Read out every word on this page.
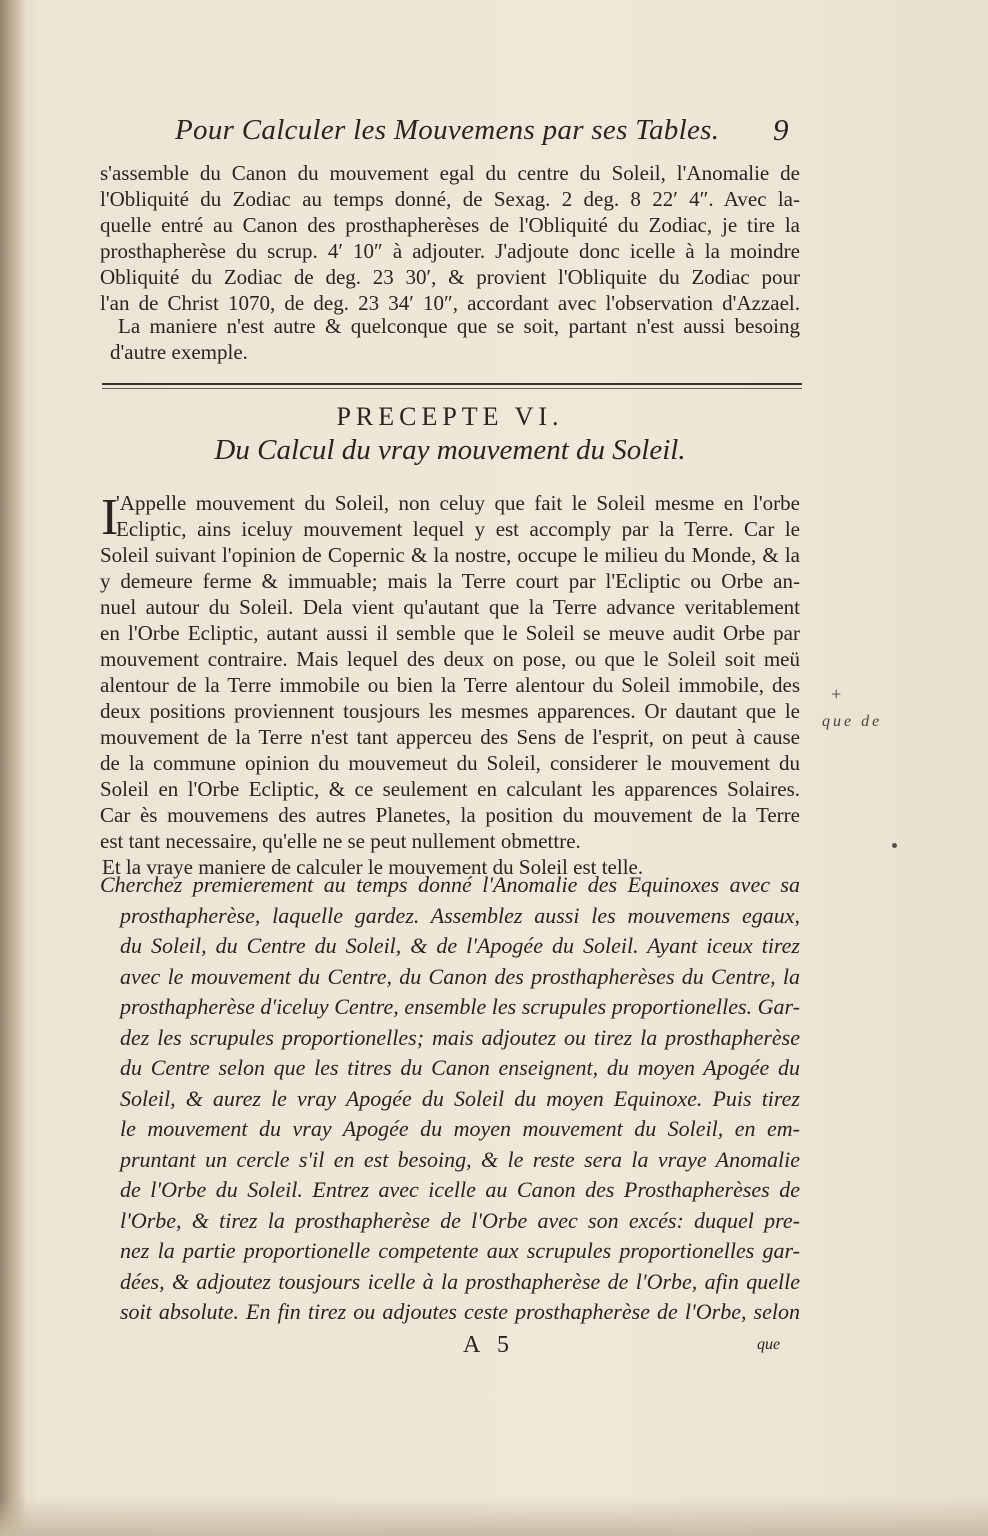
Pour Calculer les Mouvemens par ses Tables.	9
s'assemble du Canon du mouvement egal du centre du Soleil, l'Anomalie de
l'Obliquité du Zodiac au temps donné, de Sexag. 2 deg. 8 22′ 4″. Avec la-
quelle entré au Canon des prosthapherèses de l'Obliquité du Zodiac, je tire la
prosthapherèse du scrup. 4′ 10″ à adjouter. J'adjoute donc icelle à la moindre
Obliquité du Zodiac de deg. 23 30′, & provient l'Obliquite du Zodiac pour
l'an de Christ 1070, de deg. 23 34′ 10″, accordant avec l'observation d'Azzael.
La maniere n'est autre & quelconque que se soit, partant n'est aussi besoing
d'autre exemple.
PRECEPTE VI.
Du Calcul du vray mouvement du Soleil.
I
'Appelle mouvement du Soleil, non celuy que fait le Soleil mesme en l'orbe
Ecliptic, ains iceluy mouvement lequel y est accomply par la Terre. Car le
Soleil suivant l'opinion de Copernic & la nostre, occupe le milieu du Monde, & la
y demeure ferme & immuable; mais la Terre court par l'Ecliptic ou Orbe an-
nuel autour du Soleil. Dela vient qu'autant que la Terre advance veritablement
en l'Orbe Ecliptic, autant aussi il semble que le Soleil se meuve audit Orbe par
mouvement contraire. Mais lequel des deux on pose, ou que le Soleil soit meü
alentour de la Terre immobile ou bien la Terre alentour du Soleil immobile, des
deux positions proviennent tousjours les mesmes apparences. Or dautant que le
mouvement de la Terre n'est tant apperceu des Sens de l'esprit, on peut à cause
de la commune opinion du mouvemeut du Soleil, considerer le mouvement du
Soleil en l'Orbe Ecliptic, & ce seulement en calculant les apparences Solaires.
Car ès mouvemens des autres Planetes, la position du mouvement de la Terre
est tant necessaire, qu'elle ne se peut nullement obmettre.
Et la vraye maniere de calculer le mouvement du Soleil est telle.
Cherchez premierement au temps donné l'Anomalie des Equinoxes avec sa
prosthapherèse, laquelle gardez. Assemblez aussi les mouvemens egaux,
du Soleil, du Centre du Soleil, & de l'Apogée du Soleil. Ayant iceux tirez
avec le mouvement du Centre, du Canon des prosthapherèses du Centre, la
prosthapherèse d'iceluy Centre, ensemble les scrupules proportionelles. Gar-
dez les scrupules proportionelles; mais adjoutez ou tirez la prosthapherèse
du Centre selon que les titres du Canon enseignent, du moyen Apogée du
Soleil, & aurez le vray Apogée du Soleil du moyen Equinoxe. Puis tirez
le mouvement du vray Apogée du moyen mouvement du Soleil, en em-
pruntant un cercle s'il en est besoing, & le reste sera la vraye Anomalie
de l'Orbe du Soleil. Entrez avec icelle au Canon des Prosthapherèses de
l'Orbe, & tirez la prosthapherèse de l'Orbe avec son excés: duquel pre-
nez la partie proportionelle competente aux scrupules proportionelles gar-
dées, & adjoutez tousjours icelle à la prosthapherèse de l'Orbe, afin quelle
soit absolute. En fin tirez ou adjoutes ceste prosthapherèse de l'Orbe, selon
A 5	que
+
que de
